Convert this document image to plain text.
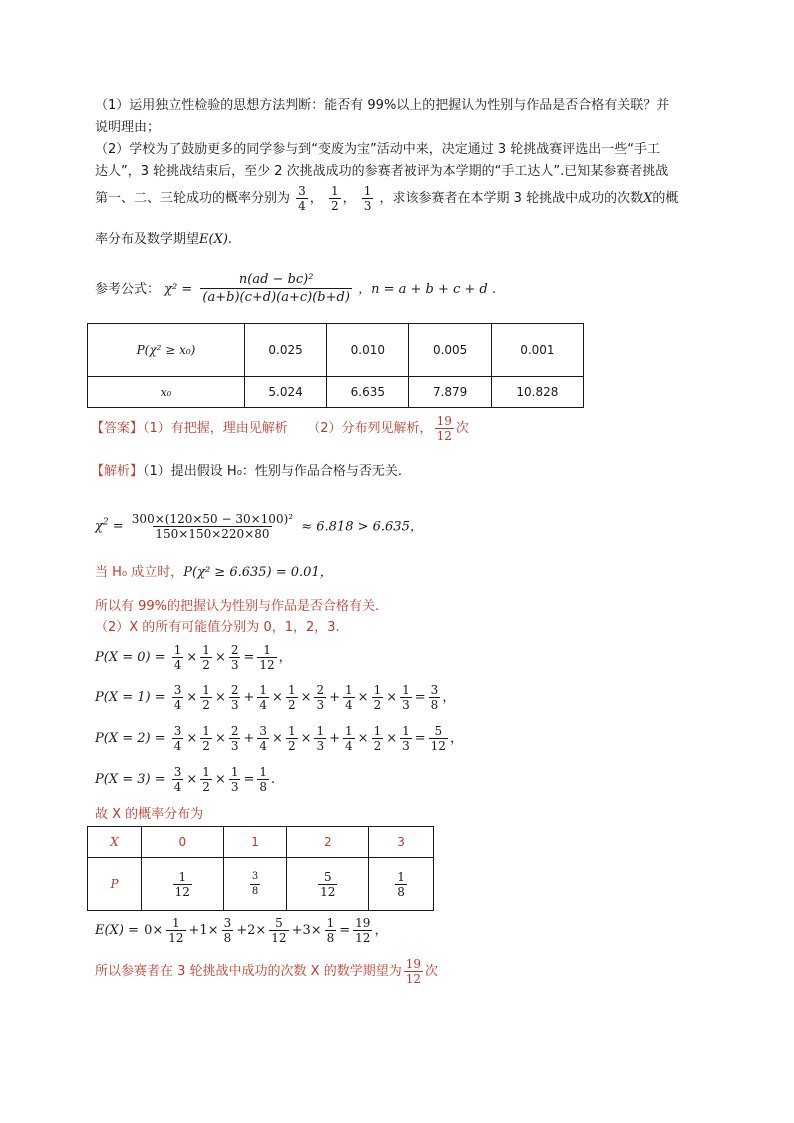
（1）运用独立性检验的思想方法判断：能否有 99%以上的把握认为性别与作品是否合格有关联？并
说明理由；
（2）学校为了鼓励更多的同学参与到“变废为宝”活动中来，决定通过 3 轮挑战赛评选出一些“手工
达人”，3 轮挑战结束后，至少 2 次挑战成功的参赛者被评为本学期的“手工达人”.已知某参赛者挑战
第一、二、三轮成功的概率分别为 $\frac{3}{4}$ ， $\frac{1}{2}$ ， $\frac{1}{3}$ ，求该参赛者在本学期 3 轮挑战中成功的次数X的概
率分布及数学期望E(X).
参考公式： $\chi^2 = \frac{\text{n(ad − bc)²}}{(a+b)(c+d)(a+c)(b+d)}$ ，n = a + b + c + d .
P(χ² ≥ x₀)	0.025	0.010	0.005	0.001
x₀	5.024	6.635	7.879	10.828
【答案】（1）有把握，理由见解析　　（2）分布列见解析， $\frac{19}{12}$ 次
【解析】（1）提出假设 H₀：性别与作品合格与否无关.
$\chi^2 = \frac{\text{300×(120×50 − 30×100)²}}{150\times 150\times 220\times 80} \approx 6.818 > 6.635$，
当 H₀ 成立时，P(χ² ≥ 6.635) = 0.01，
所以有 99%的把握认为性别与作品是否合格有关.
（2）X 的所有可能值分别为 0，1，2，3.
$P(X = 0) = \frac{1}{4} \times \frac{1}{2} \times \frac{2}{3} = \frac{1}{12}$ ，
$P(X = 1) = \frac{3}{4} \times \frac{1}{2} \times \frac{2}{3} + \frac{1}{4} \times \frac{1}{2} \times \frac{2}{3} + \frac{1}{4} \times \frac{1}{2} \times \frac{1}{3} = \frac{3}{8}$ ，
$P(X = 2) = \frac{3}{4} \times \frac{1}{2} \times \frac{2}{3} + \frac{3}{4} \times \frac{1}{2} \times \frac{1}{3} + \frac{1}{4} \times \frac{1}{2} \times \frac{1}{3} = \frac{5}{12}$ ，
$P(X = 3) = \frac{3}{4} \times \frac{1}{2} \times \frac{1}{3} = \frac{1}{8}$ .
故 X 的概率分布为
X	0	1	2	3
P	$\frac{1}{12}$	$\frac{3}{8}$	$\frac{5}{12}$	$\frac{1}{8}$
$E(X) = 0\times \frac{1}{12} +1\times \frac{3}{8} +2\times \frac{5}{12} +3\times \frac{1}{8} = \frac{19}{12}$ ，
所以参赛者在 3 轮挑战中成功的次数 X 的数学期望为 $\frac{19}{12}$ 次
